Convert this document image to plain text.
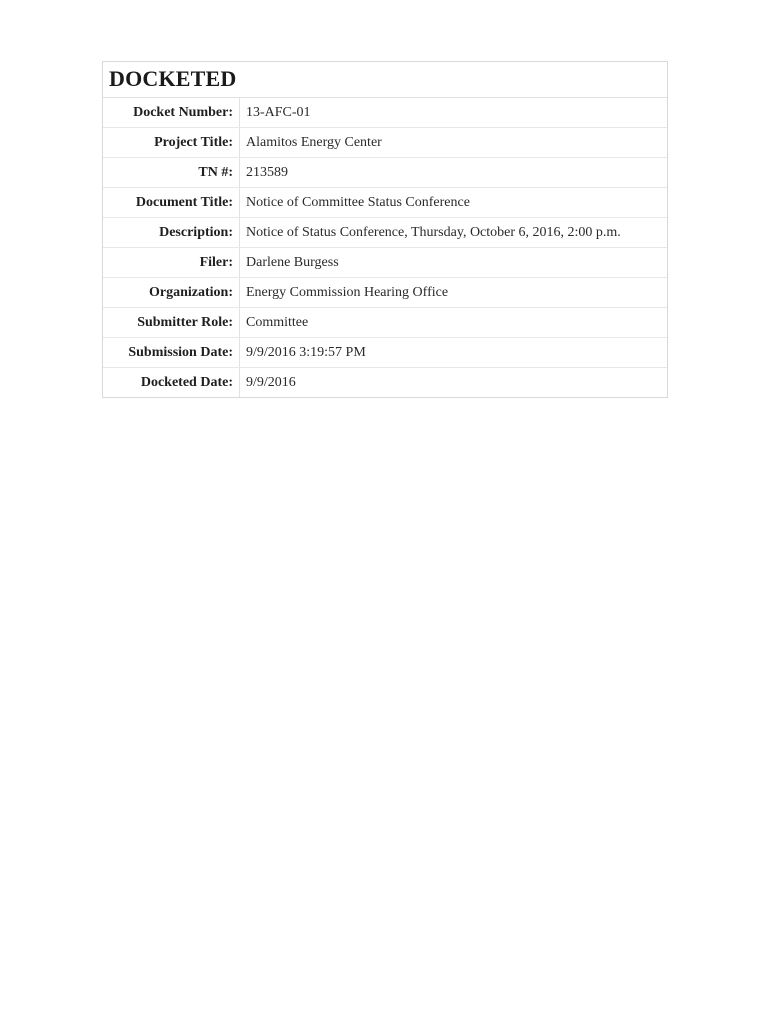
DOCKETED
Docket Number:	13-AFC-01
Project Title:	Alamitos Energy Center
TN #:	213589
Document Title:	Notice of Committee Status Conference
Description:	Notice of Status Conference, Thursday, October 6, 2016, 2:00 p.m.
Filer:	Darlene Burgess
Organization:	Energy Commission Hearing Office
Submitter Role:	Committee
Submission Date:	9/9/2016 3:19:57 PM
Docketed Date:	9/9/2016
